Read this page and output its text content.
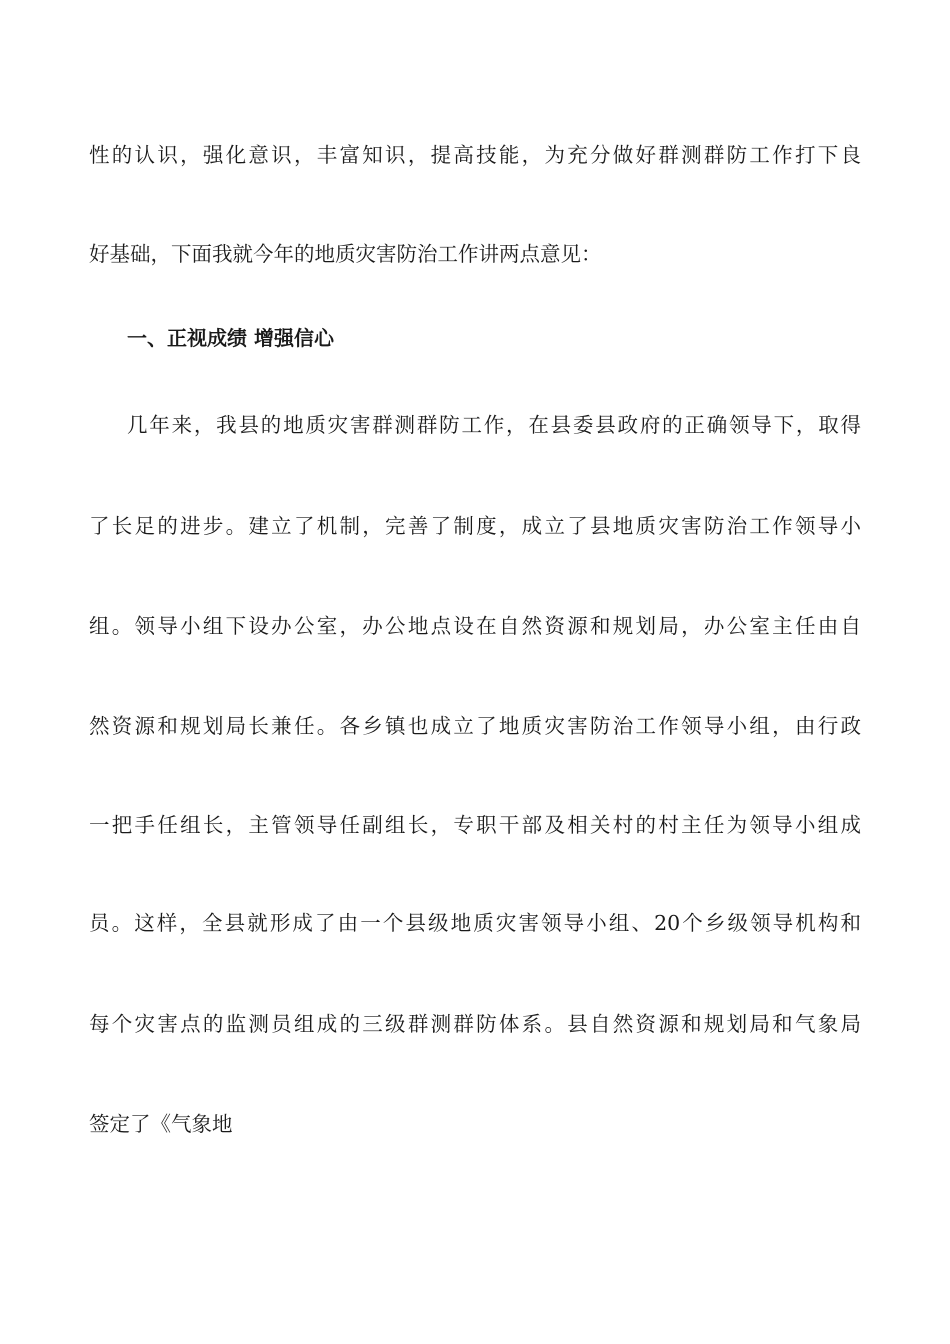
性的认识，强化意识，丰富知识，提高技能，为充分做好群测群防工作打下良
好基础，下面我就今年的地质灾害防治工作讲两点意见：
一、正视成绩 增强信心
几年来，我县的地质灾害群测群防工作，在县委县政府的正确领导下，取得
了长足的进步。建立了机制，完善了制度，成立了县地质灾害防治工作领导小
组。领导小组下设办公室，办公地点设在自然资源和规划局，办公室主任由自
然资源和规划局长兼任。各乡镇也成立了地质灾害防治工作领导小组，由行政
一把手任组长，主管领导任副组长，专职干部及相关村的村主任为领导小组成
员。这样，全县就形成了由一个县级地质灾害领导小组、20个乡级领导机构和
每个灾害点的监测员组成的三级群测群防体系。县自然资源和规划局和气象局
签定了《气象地
